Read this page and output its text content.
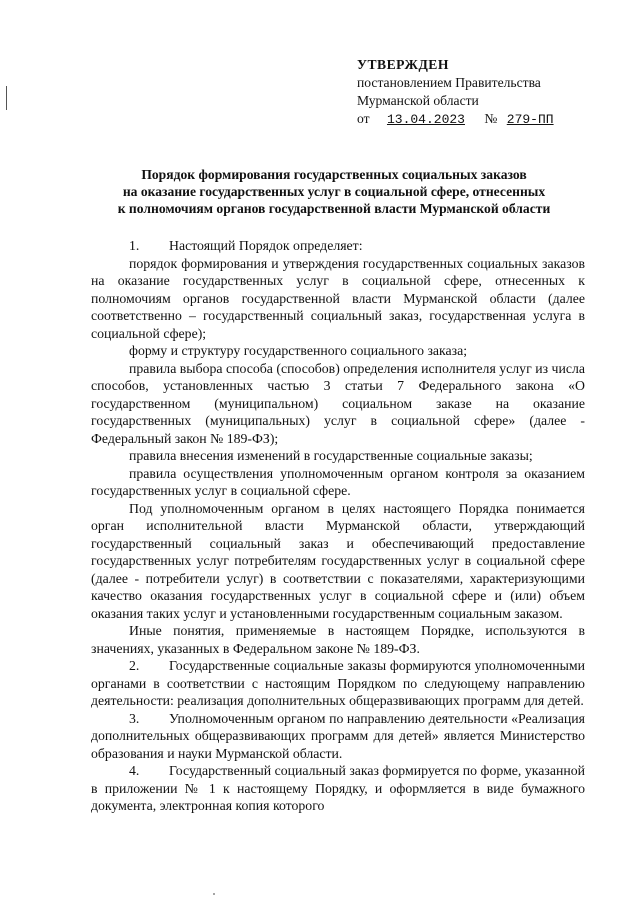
УТВЕРЖДЕН
постановлением Правительства
Мурманской области
от 13.04.2023 № 279-ПП
Порядок формирования государственных социальных заказов
на оказание государственных услуг в социальной сфере, отнесенных
к полномочиям органов государственной власти Мурманской области

1. Настоящий Порядок определяет:

порядок формирования и утверждения государственных социальных заказов на оказание государственных услуг в социальной сфере, отнесенных к полномочиям органов государственной власти Мурманской области (далее соответственно – государственный социальный заказ, государственная услуга в социальной сфере);

форму и структуру государственного социального заказа;

правила выбора способа (способов) определения исполнителя услуг из числа способов, установленных частью 3 статьи 7 Федерального закона «О государственном (муниципальном) социальном заказе на оказание государственных (муниципальных) услуг в социальной сфере» (далее - Федеральный закон № 189-ФЗ);

правила внесения изменений в государственные социальные заказы;

правила осуществления уполномоченным органом контроля за оказанием государственных услуг в социальной сфере.

Под уполномоченным органом в целях настоящего Порядка понимается орган исполнительной власти Мурманской области, утверждающий государственный социальный заказ и обеспечивающий предоставление государственных услуг потребителям государственных услуг в социальной сфере (далее - потребители услуг) в соответствии с показателями, характеризующими качество оказания государственных услуг в социальной сфере и (или) объем оказания таких услуг и установленными государственным социальным заказом.

Иные понятия, применяемые в настоящем Порядке, используются в значениях, указанных в Федеральном законе № 189-ФЗ.

2. Государственные социальные заказы формируются уполномоченными органами в соответствии с настоящим Порядком по следующему направлению деятельности: реализация дополнительных общеразвивающих программ для детей.

3. Уполномоченным органом по направлению деятельности «Реализация дополнительных общеразвивающих программ для детей» является Министерство образования и науки Мурманской области.

4. Государственный социальный заказ формируется по форме, указанной в приложении № 1 к настоящему Порядку, и оформляется в виде бумажного документа, электронная копия которого
